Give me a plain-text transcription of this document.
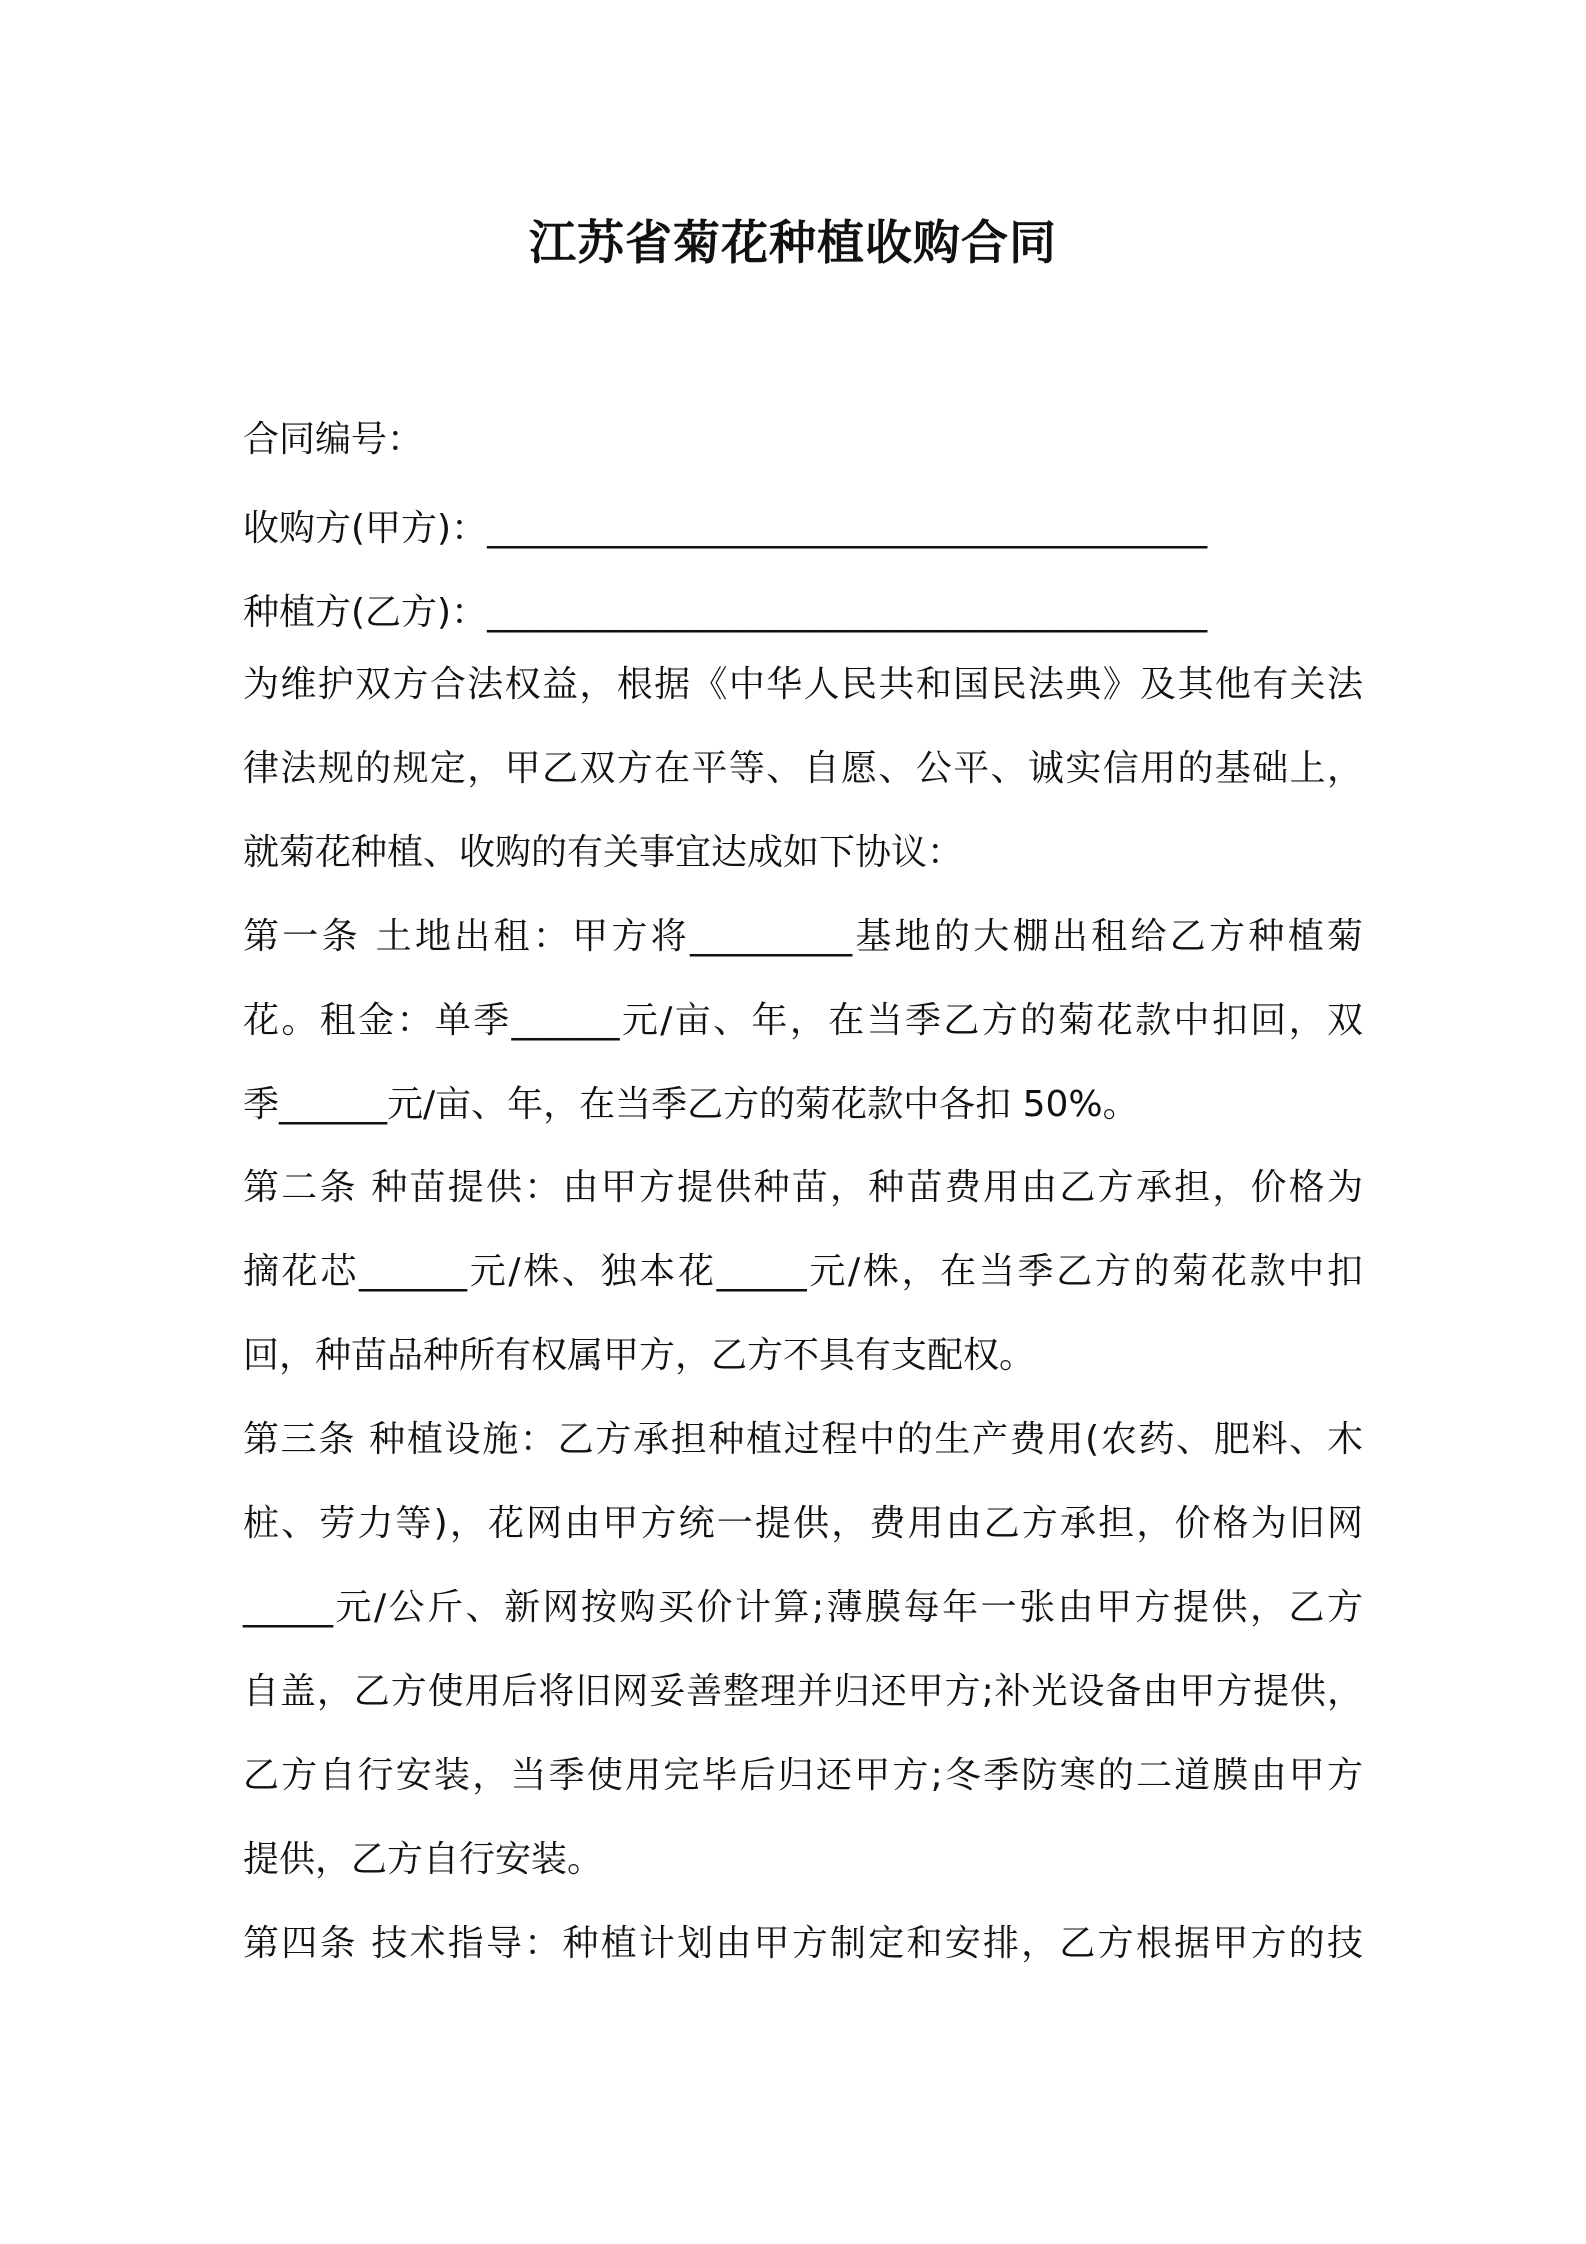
江苏省菊花种植收购合同
合同编号：
收购方(甲方)：________________________________________
种植方(乙方)：________________________________________
为维护双方合法权益，根据《中华人民共和国民法典》及其他有关法
律法规的规定，甲乙双方在平等、自愿、公平、诚实信用的基础上，
就菊花种植、收购的有关事宜达成如下协议：
第一条 土地出租：甲方将_________基地的大棚出租给乙方种植菊
花。租金：单季______元/亩、年，在当季乙方的菊花款中扣回，双
季______元/亩、年，在当季乙方的菊花款中各扣 50%。
第二条 种苗提供：由甲方提供种苗，种苗费用由乙方承担，价格为
摘花芯______元/株、独本花_____元/株，在当季乙方的菊花款中扣
回，种苗品种所有权属甲方，乙方不具有支配权。
第三条 种植设施：乙方承担种植过程中的生产费用(农药、肥料、木
桩、劳力等)，花网由甲方统一提供，费用由乙方承担，价格为旧网
_____元/公斤、新网按购买价计算;薄膜每年一张由甲方提供，乙方
自盖，乙方使用后将旧网妥善整理并归还甲方;补光设备由甲方提供，
乙方自行安装，当季使用完毕后归还甲方;冬季防寒的二道膜由甲方
提供，乙方自行安装。
第四条 技术指导：种植计划由甲方制定和安排，乙方根据甲方的技
